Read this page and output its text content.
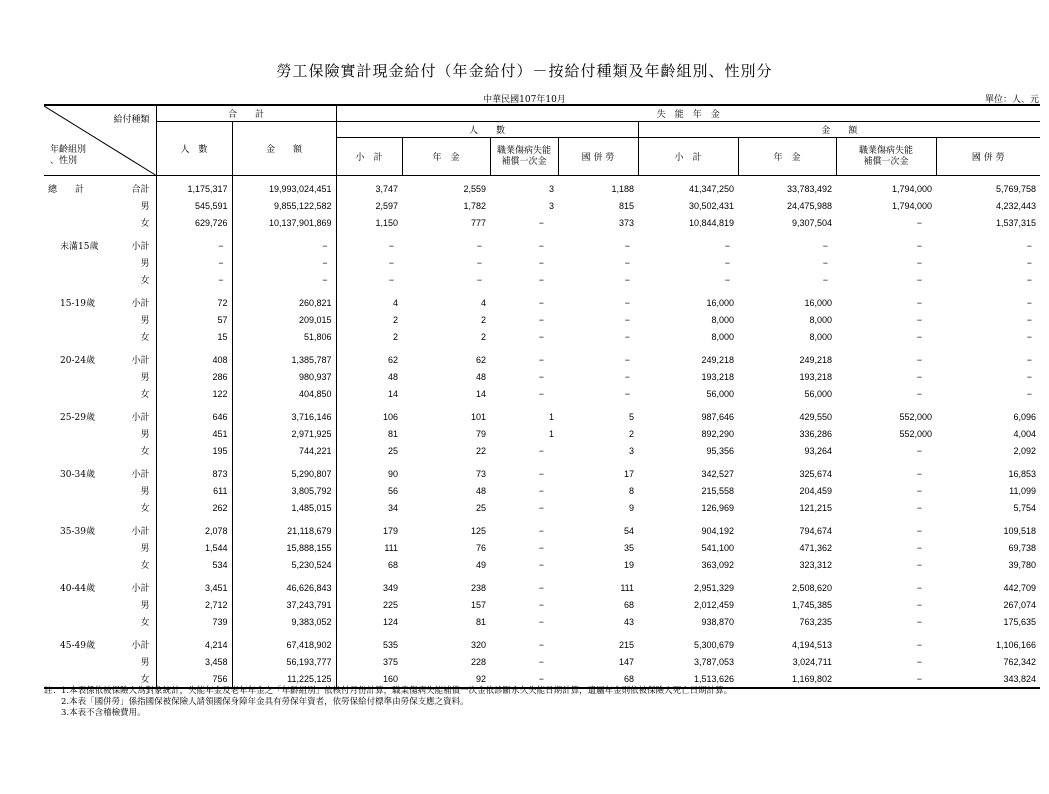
勞工保險實計現金給付（年金給付）－按給付種類及年齡組別、性別分
中華民國107年10月	單位：人、元
給付種類
年齡組別
、性別		合　　計		失　能　年　金							
		人　數	金　　額	人　　數				金　　額			
				小　計	年　金	職業傷病失能
補償一次金	國 併 勞	小　計	年　金	職業傷病失能
補償一次金	國 併 勞
總　　計	合計	1,175,317	19,993,024,451	3,747	2,559	3	1,188	41,347,250	33,783,492	1,794,000	5,769,758
	男	545,591	9,855,122,582	2,597	1,782	3	815	30,502,431	24,475,988	1,794,000	4,232,443
	女	629,726	10,137,901,869	1,150	777	−	373	10,844,819	9,307,504	−	1,537,315

未滿15歲	小計	−	−	−	−	−	−	−	−	−	−
	男	−	−	−	−	−	−	−	−	−	−
	女	−	−	−	−	−	−	−	−	−	−

15-19歲	小計	72	260,821	4	4	−	−	16,000	16,000	−	−
	男	57	209,015	2	2	−	−	8,000	8,000	−	−
	女	15	51,806	2	2	−	−	8,000	8,000	−	−

20-24歲	小計	408	1,385,787	62	62	−	−	249,218	249,218	−	−
	男	286	980,937	48	48	−	−	193,218	193,218	−	−
	女	122	404,850	14	14	−	−	56,000	56,000	−	−

25-29歲	小計	646	3,716,146	106	101	1	5	987,646	429,550	552,000	6,096
	男	451	2,971,925	81	79	1	2	892,290	336,286	552,000	4,004
	女	195	744,221	25	22	−	3	95,356	93,264	−	2,092

30-34歲	小計	873	5,290,807	90	73	−	17	342,527	325,674	−	16,853
	男	611	3,805,792	56	48	−	8	215,558	204,459	−	11,099
	女	262	1,485,015	34	25	−	9	126,969	121,215	−	5,754

35-39歲	小計	2,078	21,118,679	179	125	−	54	904,192	794,674	−	109,518
	男	1,544	15,888,155	111	76	−	35	541,100	471,362	−	69,738
	女	534	5,230,524	68	49	−	19	363,092	323,312	−	39,780

40-44歲	小計	3,451	46,626,843	349	238	−	111	2,951,329	2,508,620	−	442,709
	男	2,712	37,243,791	225	157	−	68	2,012,459	1,745,385	−	267,074
	女	739	9,383,052	124	81	−	43	938,870	763,235	−	175,635

45-49歲	小計	4,214	67,418,902	535	320	−	215	5,300,679	4,194,513	−	1,106,166
	男	3,458	56,193,777	375	228	−	147	3,787,053	3,024,711	−	762,342
	女	756	11,225,125	160	92	−	68	1,513,626	1,169,802	−	343,824
註：1.本表係依被保險人為對象統計，失能年金及老年年金之「年齡組別」依核付月份計算，職業傷病失能補償一次金依診斷永久失能日期計算，遺屬年金則依被保險人死亡日期計算。
　　2.本表「國併勞」係指國保被保險人請領國保身障年金具有勞保年資者，依勞保給付標準由勞保支應之資料。
　　3.本表不含稽檢費用。
